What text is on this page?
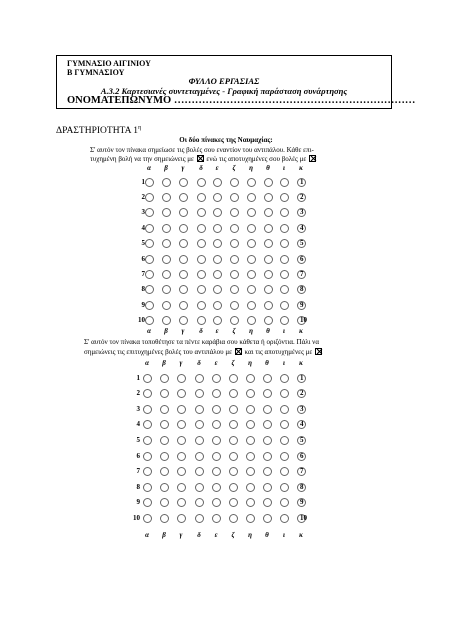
ΓΥΜΝΑΣΙΟ ΑΙΓΙΝΙΟΥ
Β ΓΥΜΝΑΣΙΟΥ
ΦΥΛΛΟ ΕΡΓΑΣΙΑΣ
Α.3.2 Καρτεσιανές συντεταγμένες - Γραφική παράσταση συνάρτησης
ΟΝΟΜΑΤΕΠΩΝΥΜΟ ……………………………………………………………
ΔΡΑΣΤΗΡΙΟΤΗΤΑ $1^\eta$
Οι δύο πίνακες της Ναυμαχίας:
Σ' αυτόν τον πίνακα σημείωσε τις βολές σου εναντίον του αντιπάλου. Κάθε επι-
τυχημένη βολή να την σημειώνεις με ενώ τις αποτυχημένες σου βολές με
α	β	γ	δ	ε	ζ	η	θ	ι	κ
1	1
2	2
3	3
4	4
5	5
6	6
7	7
8	8
9	9
10	10
α	β	γ	δ	ε	ζ	η	θ	ι	κ
Σ' αυτόν τον πίνακα τοποθέτησε τα πέντε καράβια σου κάθετα ή οριζόντια. Πάλι να
σημειώνεις τις επιτυχημένες βολές του αντιπάλου με και τις αποτυχημένες με
α	β	γ	δ	ε	ζ	η	θ	ι	κ
1	1
2	2
3	3
4	4
5	5
6	6
7	7
8	8
9	9
10	10
α	β	γ	δ	ε	ζ	η	θ	ι	κ
